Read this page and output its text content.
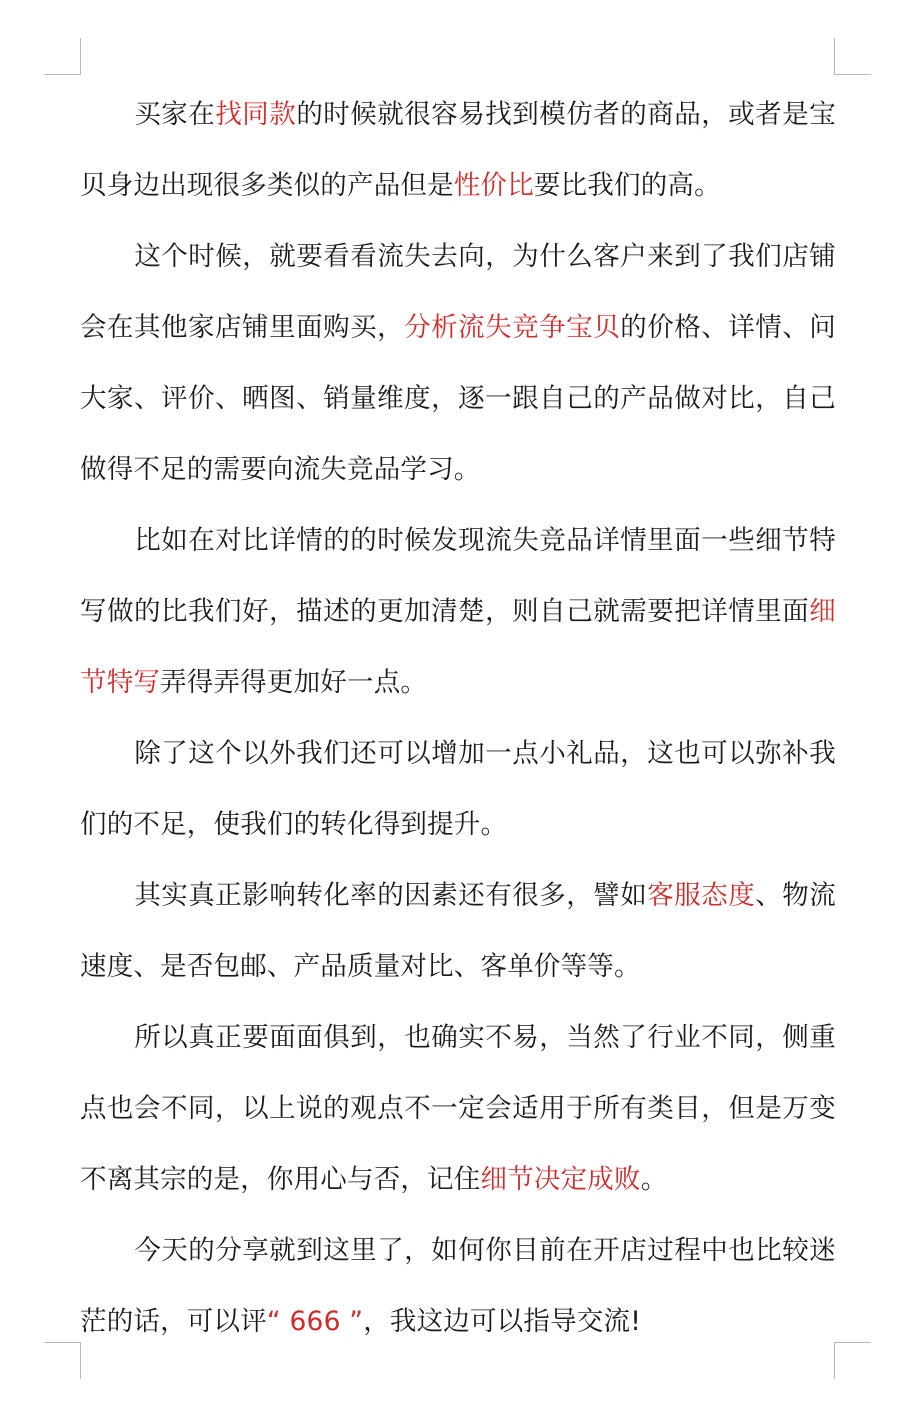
买家在找同款的时候就很容易找到模仿者的商品，或者是宝贝身边出现很多类似的产品但是性价比要比我们的高。

这个时候，就要看看流失去向，为什么客户来到了我们店铺会在其他家店铺里面购买，分析流失竞争宝贝的价格、详情、问大家、评价、晒图、销量维度，逐一跟自己的产品做对比，自己做得不足的需要向流失竞品学习。

比如在对比详情的的时候发现流失竞品详情里面一些细节特写做的比我们好，描述的更加清楚，则自己就需要把详情里面细节特写弄得弄得更加好一点。

除了这个以外我们还可以增加一点小礼品，这也可以弥补我们的不足，使我们的转化得到提升。

其实真正影响转化率的因素还有很多，譬如客服态度、物流速度、是否包邮、产品质量对比、客单价等等。

所以真正要面面俱到，也确实不易，当然了行业不同，侧重点也会不同，以上说的观点不一定会适用于所有类目，但是万变不离其宗的是，你用心与否，记住细节决定成败。

今天的分享就到这里了，如何你目前在开店过程中也比较迷茫的话，可以评“ 666 ”，我这边可以指导交流!
